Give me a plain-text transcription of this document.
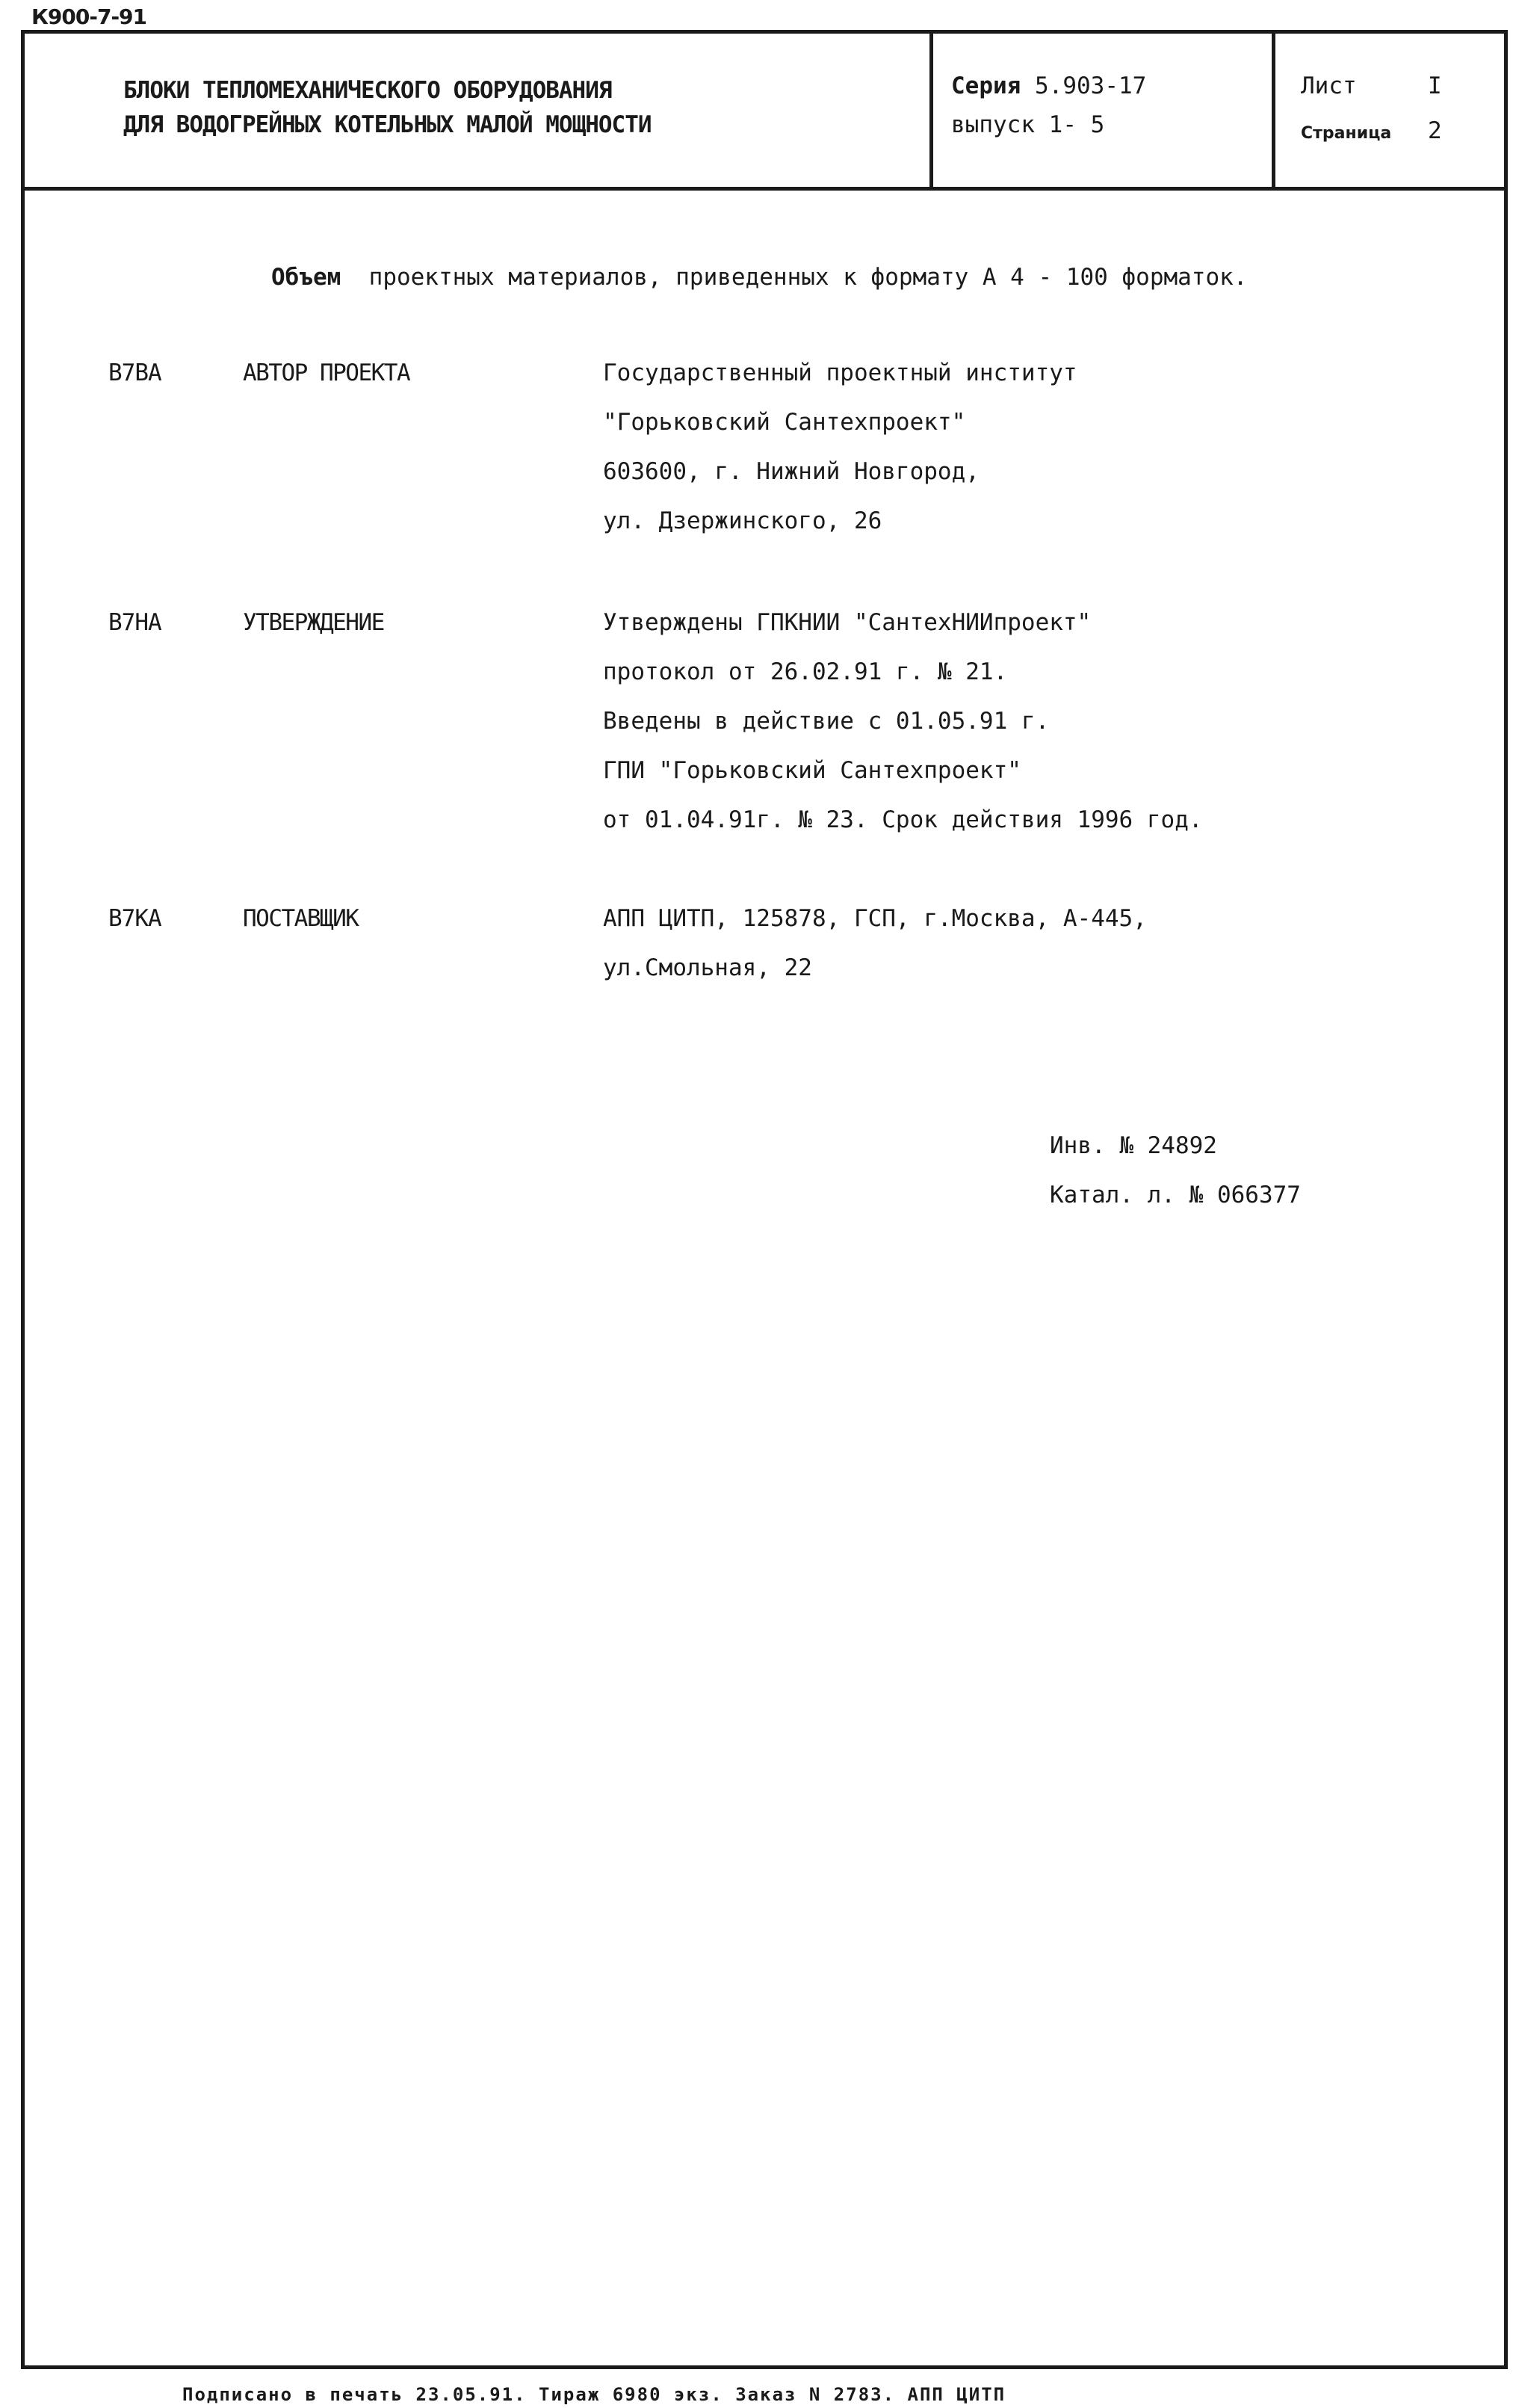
К900-7-91
БЛОКИ ТЕПЛОМЕХАНИЧЕСКОГО ОБОРУДОВАНИЯ
ДЛЯ ВОДОГРЕЙНЫХ КОТЕЛЬНЫХ МАЛОЙ МОЩНОСТИ
Серия 5.903-17
выпуск 1- 5
Лист	I
Страница 2
Объем проектных материалов, приведенных к формату А 4 - 100 форматок.
В7ВА	АВТОР ПРОЕКТА	Государственный проектный институт
"Горьковский Сантехпроект"
603600, г. Нижний Новгород,
ул. Дзержинского, 26
В7НА	УТВЕРЖДЕНИЕ	Утверждены ГПКНИИ "СантехНИИпроект"
протокол от 26.02.91 г. № 21.
Введены в действие с 01.05.91 г.
ГПИ "Горьковский Сантехпроект"
от 01.04.91г. № 23. Срок действия 1996 год.
В7КА	ПОСТАВЩИК	АПП ЦИТП, 125878, ГСП, г.Москва, А-445,
ул.Смольная, 22
Инв. № 24892
Катал. л. № 066377
Подписано в печать 23.05.91. Тираж 6980 экз. Заказ N 2783. АПП ЦИТП
